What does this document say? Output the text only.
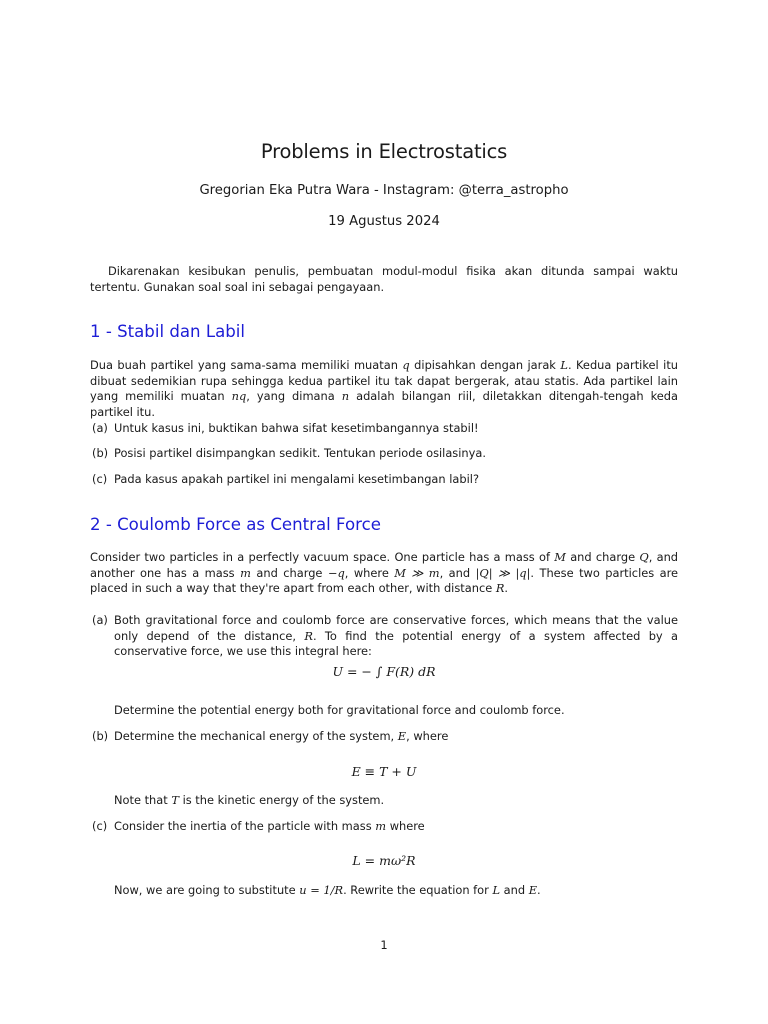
Problems in Electrostatics
Gregorian Eka Putra Wara - Instagram: @terra_astropho
19 Agustus 2024
Dikarenakan kesibukan penulis, pembuatan modul-modul fisika akan ditunda sampai waktu tertentu. Gunakan soal soal ini sebagai pengayaan.
1 - Stabil dan Labil
Dua buah partikel yang sama-sama memiliki muatan q dipisahkan dengan jarak L. Kedua partikel itu dibuat sedemikian rupa sehingga kedua partikel itu tak dapat bergerak, atau statis. Ada partikel lain yang memiliki muatan nq, yang dimana n adalah bilangan riil, diletakkan ditengah-tengah keda partikel itu.
(a) Untuk kasus ini, buktikan bahwa sifat kesetimbangannya stabil!
(b) Posisi partikel disimpangkan sedikit. Tentukan periode osilasinya.
(c) Pada kasus apakah partikel ini mengalami kesetimbangan labil?
2 - Coulomb Force as Central Force
Consider two particles in a perfectly vacuum space. One particle has a mass of M and charge Q, and another one has a mass m and charge −q, where M ≫ m, and |Q| ≫ |q|. These two particles are placed in such a way that they're apart from each other, with distance R.
(a) Both gravitational force and coulomb force are conservative forces, which means that the value only depend of the distance, R. To find the potential energy of a system affected by a conservative force, we use this integral here:
U = − ∫ F(R) dR
Determine the potential energy both for gravitational force and coulomb force.
(b) Determine the mechanical energy of the system, E, where
E ≡ T + U
Note that T is the kinetic energy of the system.
(c) Consider the inertia of the particle with mass m where
L = mω²R
Now, we are going to substitute u = 1/R. Rewrite the equation for L and E.
1
